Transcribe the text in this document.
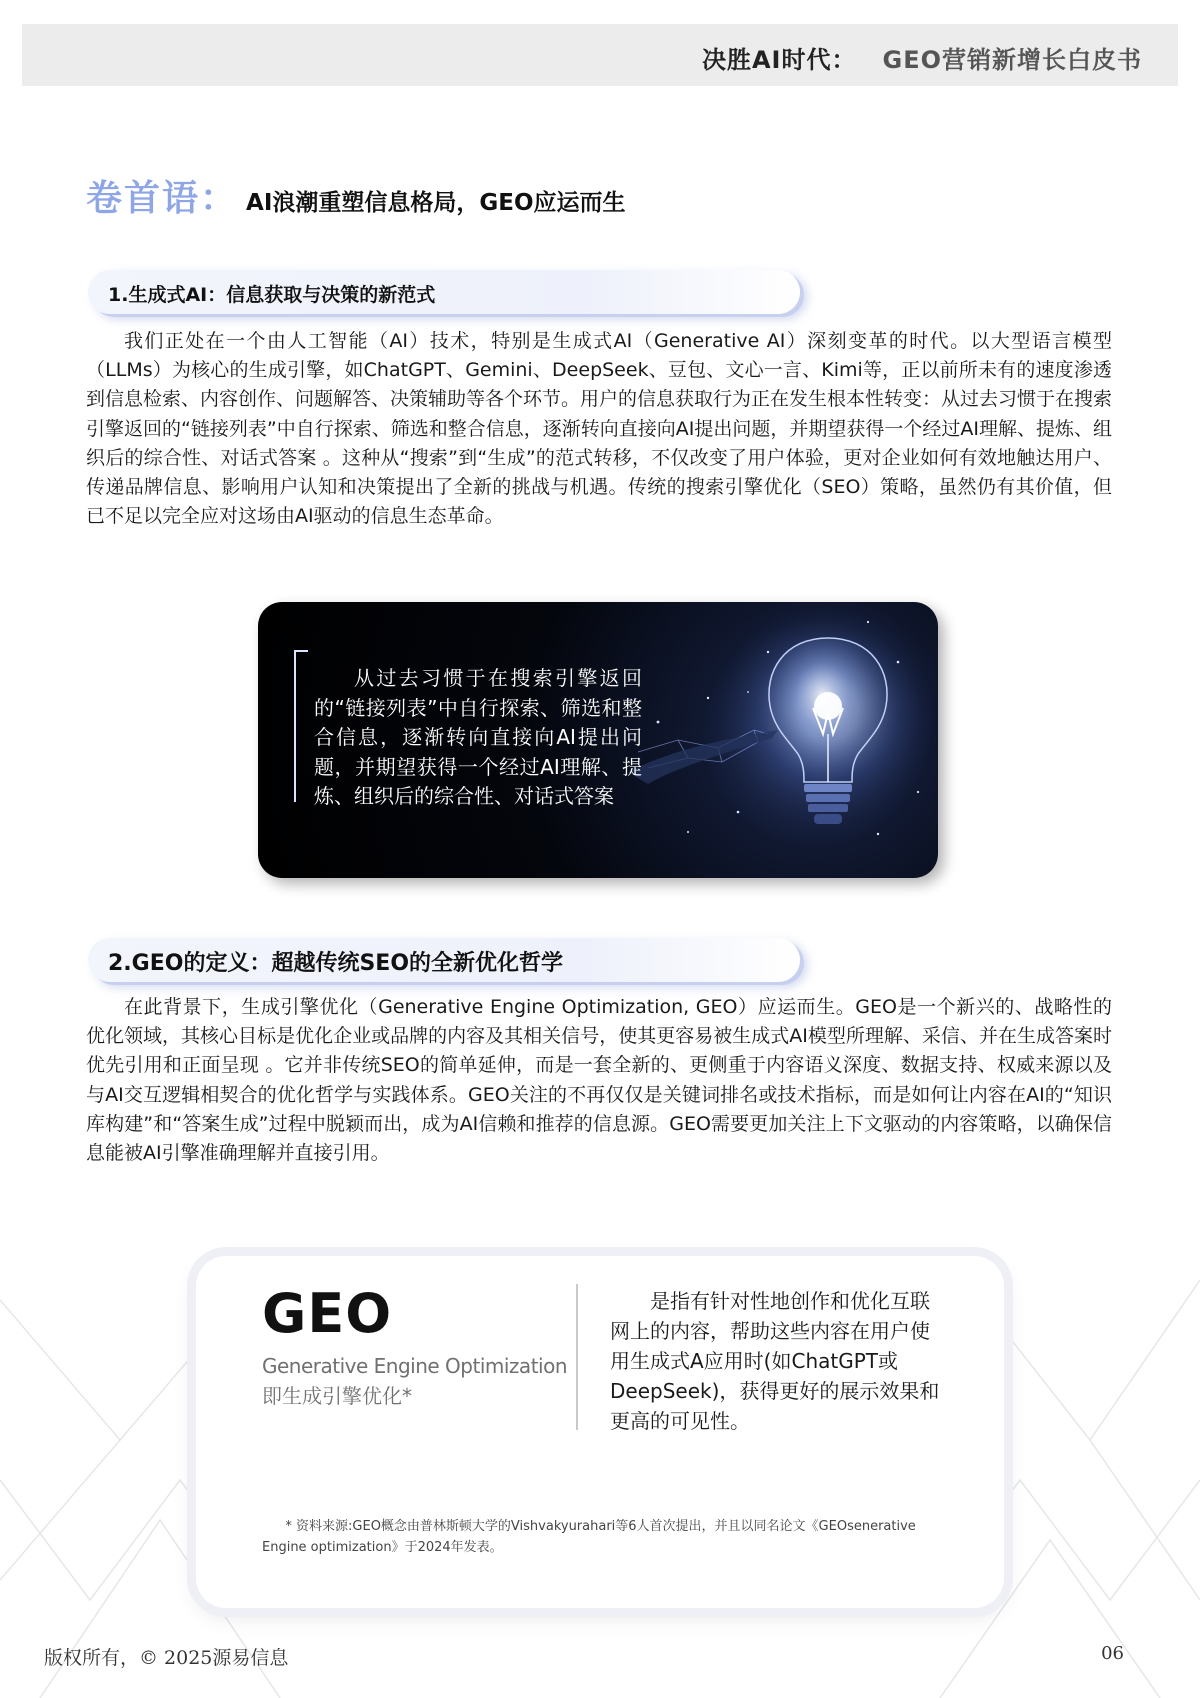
决胜AI时代： GEO营销新增长白皮书
卷首语： AI浪潮重塑信息格局，GEO应运而生
1.生成式AI：信息获取与决策的新范式

我们正处在一个由人工智能（AI）技术，特别是生成式AI（Generative AI）深刻变革的时代。以大型语言模型（LLMs）为核心的生成引擎，如ChatGPT、Gemini、DeepSeek、豆包、文心一言、Kimi等，正以前所未有的速度渗透到信息检索、内容创作、问题解答、决策辅助等各个环节。用户的信息获取行为正在发生根本性转变：从过去习惯于在搜索引擎返回的“链接列表”中自行探索、筛选和整合信息，逐渐转向直接向AI提出问题，并期望获得一个经过AI理解、提炼、组织后的综合性、对话式答案 。这种从“搜索”到“生成”的范式转移，不仅改变了用户体验，更对企业如何有效地触达用户、传递品牌信息、影响用户认知和决策提出了全新的挑战与机遇。传统的搜索引擎优化（SEO）策略，虽然仍有其价值，但已不足以完全应对这场由AI驱动的信息生态革命。

从过去习惯于在搜索引擎返回的“链接列表”中自行探索、筛选和整合信息，逐渐转向直接向AI提出问题，并期望获得一个经过AI理解、提炼、组织后的综合性、对话式答案

2.GEO的定义：超越传统SEO的全新优化哲学

在此背景下，生成引擎优化（Generative Engine Optimization, GEO）应运而生。GEO是一个新兴的、战略性的优化领域，其核心目标是优化企业或品牌的内容及其相关信号，使其更容易被生成式AI模型所理解、采信、并在生成答案时优先引用和正面呈现 。它并非传统SEO的简单延伸，而是一套全新的、更侧重于内容语义深度、数据支持、权威来源以及与AI交互逻辑相契合的优化哲学与实践体系。GEO关注的不再仅仅是关键词排名或技术指标，而是如何让内容在AI的“知识库构建”和“答案生成”过程中脱颖而出，成为AI信赖和推荐的信息源。GEO需要更加关注上下文驱动的内容策略，以确保信息能被AI引擎准确理解并直接引用。

GEO
Generative Engine Optimization
即生成引擎优化*

是指有针对性地创作和优化互联网上的内容，帮助这些内容在用户使用生成式A应用时(如ChatGPT或DeepSeek)，获得更好的展示效果和更高的可见性。

* 资料来源:GEO概念由普林斯顿大学的Vishvakyurahari等6人首次提出，并且以同名论文《GEOsenerative Engine optimization》于2024年发表。

版权所有，© 2025源易信息	06
